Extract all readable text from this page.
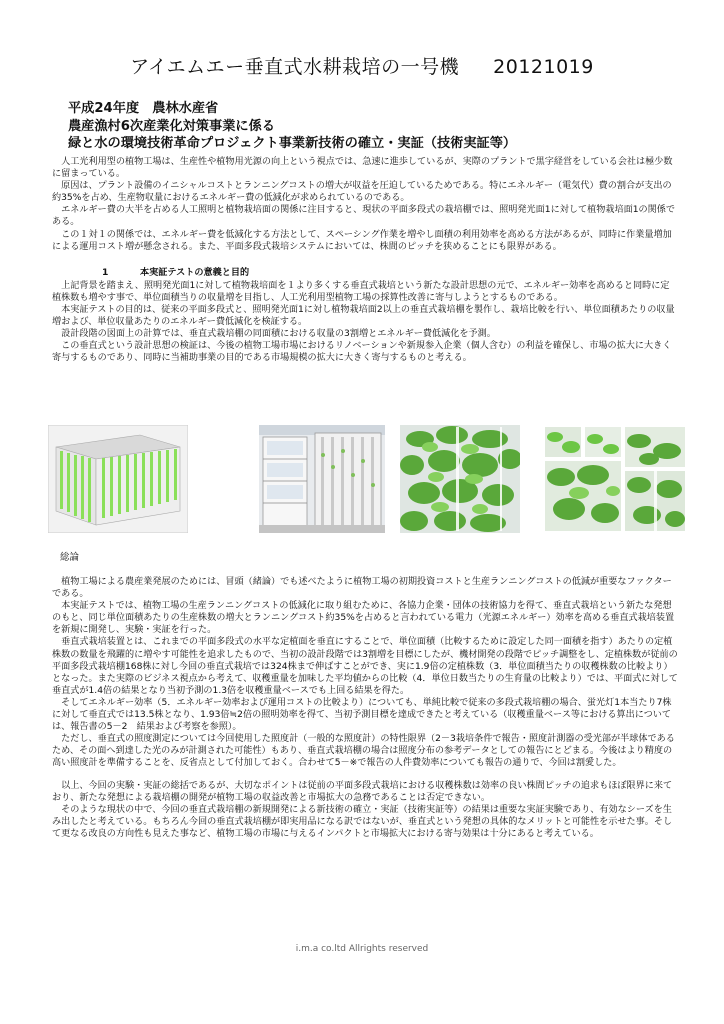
アイエムエー垂直式水耕栽培の一号機 20121019
平成24年度　農林水産省
農産漁村6次産業化対策事業に係る
緑と水の環境技術革命プロジェクト事業新技術の確立・実証（技術実証等）

人工光利用型の植物工場は、生産性や植物用光源の向上という視点では、急速に進歩しているが、実際のプラントで黒字経営をしている会社は極少数に留まっている。

原因は、プラント設備のイニシャルコストとランニングコストの増大が収益を圧迫しているためである。特にエネルギー（電気代）費の割合が支出の約35%を占め、生産物収量におけるエネルギー費の低減化が求められているのである。

エネルギー費の大半を占める人工照明と植物栽培面の関係に注目すると、現状の平面多段式の栽培棚では、照明発光面1に対して植物栽培面1の関係である。

この１対１の関係では、エネルギー費を低減化する方法として、スペーシング作業を増やし面積の利用効率を高める方法があるが、同時に作業量増加による運用コスト増が懸念される。また、平面多段式栽培システムにおいては、株間のピッチを狭めることにも限界がある。

1	本実証テストの意義と目的

上記背景を踏まえ、照明発光面1に対して植物栽培面を１より多くする垂直式栽培という新たな設計思想の元で、エネルギー効率を高めると同時に定植株数も増やす事で、単位面積当りの収量増を目指し、人工光利用型植物工場の採算性改善に寄与しようとするものである。

本実証テストの目的は、従来の平面多段式と、照明発光面1に対し植物栽培面2以上の垂直式栽培棚を製作し、栽培比較を行い、単位面積あたりの収量増および、単位収量あたりのエネルギー費低減化を検証する。

設計段階の図面上の計算では、垂直式栽培棚の同面積における収量の3割増とエネルギー費低減化を予測。

この垂直式という設計思想の検証は、今後の植物工場市場におけるリノベーションや新規参入企業（個人含む）の利益を確保し、市場の拡大に大きく寄与するものであり、同時に当補助事業の目的である市場規模の拡大に大きく寄与するものと考える。

総論

植物工場による農産業発展のためには、冒頭（緒論）でも述べたように植物工場の初期投資コストと生産ランニングコストの低減が重要なファクターである。

本実証テストでは、植物工場の生産ランニングコストの低減化に取り組むために、各協力企業・団体の技術協力を得て、垂直式栽培という新たな発想のもと、同じ単位面積あたりの生産株数の増大とランニングコスト約35%を占めると言われている電力（光源エネルギー）効率を高める垂直式栽培装置を新規に開発し、実験・実証を行った。

垂直式栽培装置とは、これまでの平面多段式の水平な定植面を垂直にすることで、単位面積（比較するために設定した同一面積を指す）あたりの定植株数の数量を飛躍的に増やす可能性を追求したもので、当初の設計段階では3割増を目標にしたが、機材開発の段階でピッチ調整をし、定植株数が従前の平面多段式栽培棚168株に対し今回の垂直式栽培では324株まで伸ばすことができ、実に1.9倍の定植株数（3．単位面積当たりの収穫株数の比較より）となった。また実際のビジネス視点から考えて、収穫重量を加味した平均値からの比較（4．単位日数当たりの生育量の比較より）では、平面式に対して垂直式が1.4倍の結果となり当初予測の1.3倍を収穫重量ベースでも上回る結果を得た。

そしてエネルギー効率（5．エネルギー効率および運用コストの比較より）についても、単純比較で従来の多段式栽培棚の場合、蛍光灯1本当たり7株に対して垂直式では13.5株となり、1.93倍≒2倍の照明効率を得て、当初予測目標を達成できたと考えている（収穫重量ベース等における算出については、報告書の5－2　結果および考察を参照）。

ただし、垂直式の照度測定については今回使用した照度計（一般的な照度計）の特性限界（2－3栽培条件で報告・照度計測器の受光部が半球体であるため、その面へ到達した光のみが計測された可能性）もあり、垂直式栽培棚の場合は照度分布の参考データとしての報告にとどまる。今後はより精度の高い照度計を準備することを、反省点として付加しておく。合わせて5－※で報告の人件費効率についても報告の通りで、今回は割愛した。

以上、今回の実験・実証の総括であるが、大切なポイントは従前の平面多段式栽培における収穫株数は効率の良い株間ピッチの追求もほぼ限界に来ており、新たな発想による栽培棚の開発が植物工場の収益改善と市場拡大の急務であることは否定できない。

そのような現状の中で、今回の垂直式栽培棚の新規開発による新技術の確立・実証（技術実証等）の結果は重要な実証実験であり、有効なシーズを生み出したと考えている。もちろん今回の垂直式栽培棚が即実用品になる訳ではないが、垂直式という発想の具体的なメリットと可能性を示せた事。そして更なる改良の方向性も見えた事など、植物工場の市場に与えるインパクトと市場拡大における寄与効果は十分にあると考えている。

i.m.a co.ltd Allrights reserved
